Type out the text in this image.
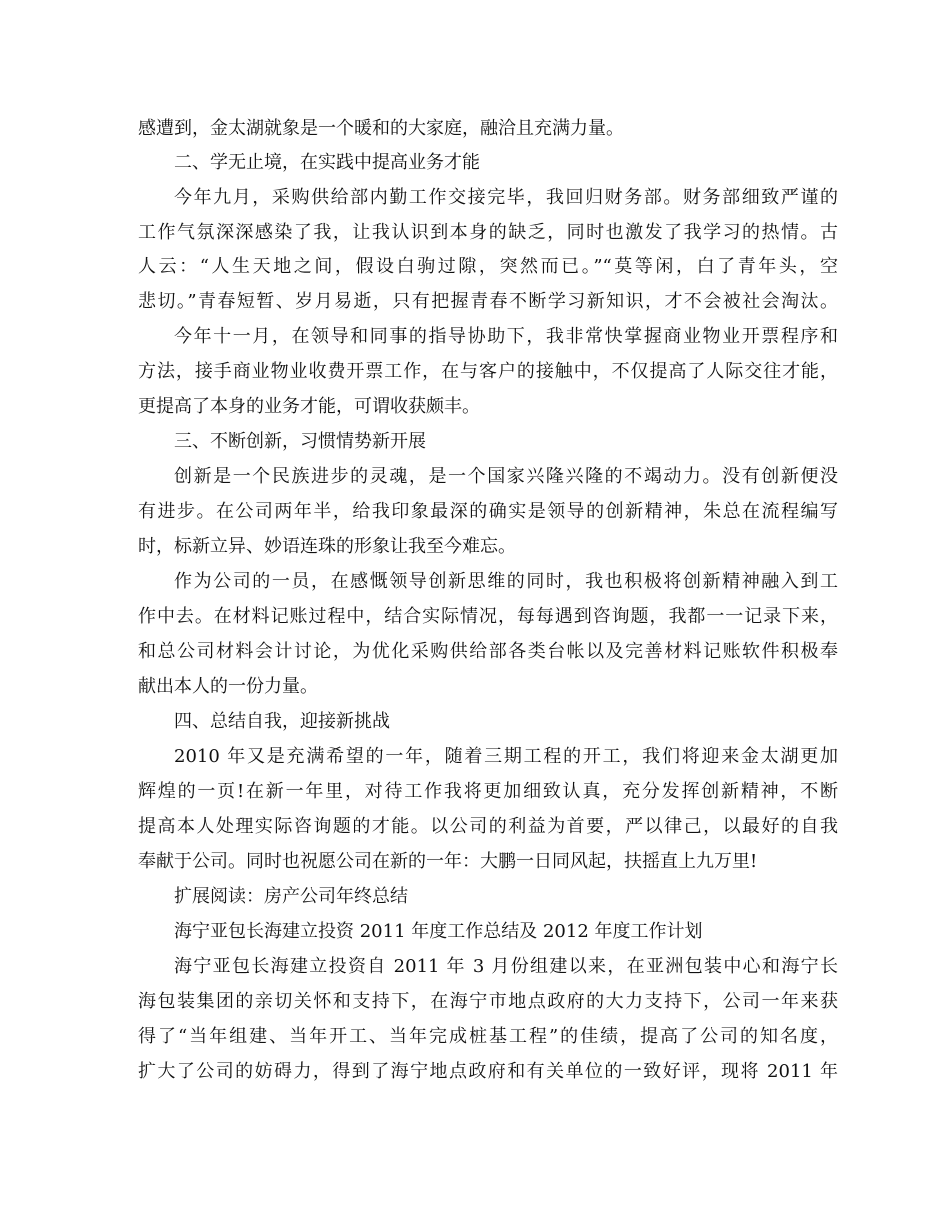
感遭到，金太湖就象是一个暖和的大家庭，融洽且充满力量。
二、学无止境，在实践中提高业务才能
今年九月，采购供给部内勤工作交接完毕，我回归财务部。财务部细致严谨的
工作气氛深深感染了我，让我认识到本身的缺乏，同时也激发了我学习的热情。古
人云：“人生天地之间，假设白驹过隙，突然而已。”“莫等闲，白了青年头，空
悲切。”青春短暂、岁月易逝，只有把握青春不断学习新知识，才不会被社会淘汰。
今年十一月，在领导和同事的指导协助下，我非常快掌握商业物业开票程序和
方法，接手商业物业收费开票工作，在与客户的接触中，不仅提高了人际交往才能，
更提高了本身的业务才能，可谓收获颇丰。
三、不断创新，习惯情势新开展
创新是一个民族进步的灵魂，是一个国家兴隆兴隆的不竭动力。没有创新便没
有进步。在公司两年半，给我印象最深的确实是领导的创新精神，朱总在流程编写
时，标新立异、妙语连珠的形象让我至今难忘。
作为公司的一员，在感慨领导创新思维的同时，我也积极将创新精神融入到工
作中去。在材料记账过程中，结合实际情况，每每遇到咨询题，我都一一记录下来，
和总公司材料会计讨论，为优化采购供给部各类台帐以及完善材料记账软件积极奉
献出本人的一份力量。
四、总结自我，迎接新挑战
2010 年又是充满希望的一年，随着三期工程的开工，我们将迎来金太湖更加
辉煌的一页!在新一年里，对待工作我将更加细致认真，充分发挥创新精神，不断
提高本人处理实际咨询题的才能。以公司的利益为首要，严以律己，以最好的自我
奉献于公司。同时也祝愿公司在新的一年：大鹏一日同风起，扶摇直上九万里!
扩展阅读：房产公司年终总结
海宁亚包长海建立投资 2011 年度工作总结及 2012 年度工作计划
海宁亚包长海建立投资自 2011 年 3 月份组建以来，在亚洲包装中心和海宁长
海包装集团的亲切关怀和支持下，在海宁市地点政府的大力支持下，公司一年来获
得了“当年组建、当年开工、当年完成桩基工程”的佳绩，提高了公司的知名度，
扩大了公司的妨碍力，得到了海宁地点政府和有关单位的一致好评，现将 2011 年
